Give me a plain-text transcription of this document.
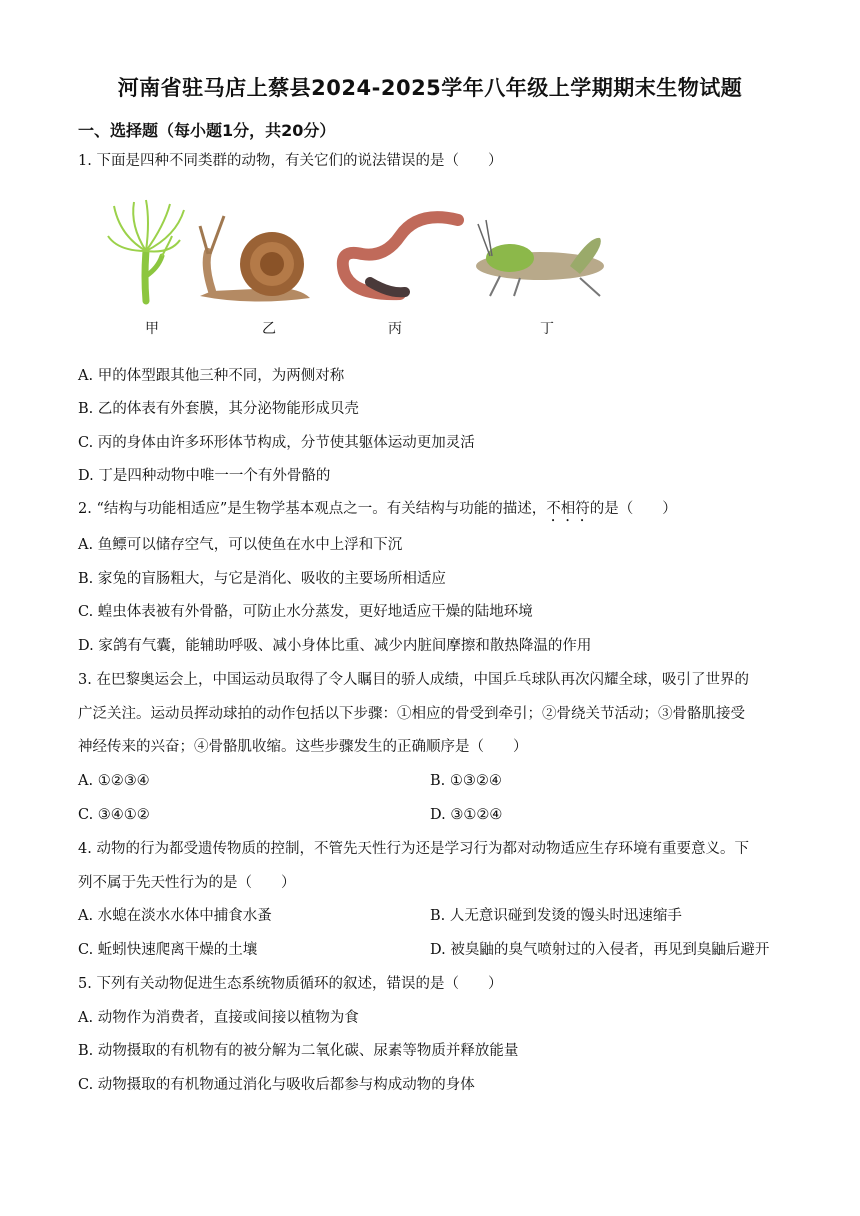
河南省驻马店上蔡县2024-2025学年八年级上学期期末生物试题
一、选择题（每小题1分，共20分）
1. 下面是四种不同类群的动物，有关它们的说法错误的是（　　）
甲	乙	丙	丁
A. 甲的体型跟其他三种不同，为两侧对称
B. 乙的体表有外套膜，其分泌物能形成贝壳
C. 丙的身体由许多环形体节构成，分节使其躯体运动更加灵活
D. 丁是四种动物中唯一一个有外骨骼的
2. “结构与功能相适应”是生物学基本观点之一。有关结构与功能的描述，不相符的是（　　）
A. 鱼鳔可以储存空气，可以使鱼在水中上浮和下沉
B. 家兔的盲肠粗大，与它是消化、吸收的主要场所相适应
C. 蝗虫体表被有外骨骼，可防止水分蒸发，更好地适应干燥的陆地环境
D. 家鸽有气囊，能辅助呼吸、减小身体比重、减少内脏间摩擦和散热降温的作用
3. 在巴黎奥运会上，中国运动员取得了令人瞩目的骄人成绩，中国乒乓球队再次闪耀全球，吸引了世界的
广泛关注。运动员挥动球拍的动作包括以下步骤：①相应的骨受到牵引；②骨绕关节活动；③骨骼肌接受
神经传来的兴奋；④骨骼肌收缩。这些步骤发生的正确顺序是（　　）
A. ①②③④	B. ①③②④
C. ③④①②	D. ③①②④
4. 动物的行为都受遗传物质的控制，不管先天性行为还是学习行为都对动物适应生存环境有重要意义。下
列不属于先天性行为的是（　　）
A. 水螅在淡水水体中捕食水蚤	B. 人无意识碰到发烫的馒头时迅速缩手
C. 蚯蚓快速爬离干燥的土壤	D. 被臭鼬的臭气喷射过的入侵者，再见到臭鼬后避开
5. 下列有关动物促进生态系统物质循环的叙述，错误的是（　　）
A. 动物作为消费者，直接或间接以植物为食
B. 动物摄取的有机物有的被分解为二氧化碳、尿素等物质并释放能量
C. 动物摄取的有机物通过消化与吸收后都参与构成动物的身体
